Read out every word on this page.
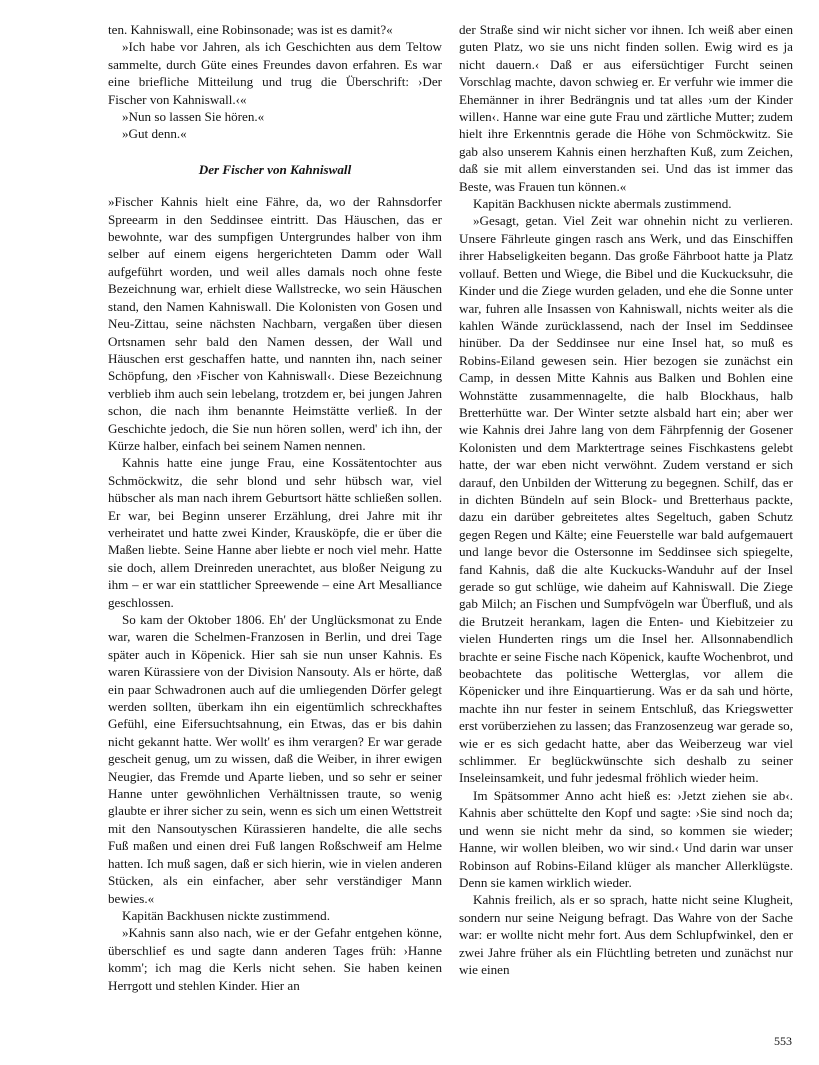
ten. Kahniswall, eine Robinsonade; was ist es damit?«

»Ich habe vor Jahren, als ich Geschichten aus dem Teltow sammelte, durch Güte eines Freundes davon erfahren. Es war eine briefliche Mitteilung und trug die Überschrift: ›Der Fischer von Kahniswall.‹«

»Nun so lassen Sie hören.«

»Gut denn.«

Der Fischer von Kahniswall

»Fischer Kahnis hielt eine Fähre, da, wo der Rahnsdorfer Spreearm in den Seddinsee eintritt. Das Häuschen, das er bewohnte, war des sumpfigen Untergrundes halber von ihm selber auf einem eigens hergerichteten Damm oder Wall aufgeführt worden, und weil alles damals noch ohne feste Bezeichnung war, erhielt diese Wallstrecke, wo sein Häuschen stand, den Namen Kahniswall. Die Kolonisten von Gosen und Neu-Zittau, seine nächsten Nachbarn, vergaßen über diesen Ortsnamen sehr bald den Namen dessen, der Wall und Häuschen erst geschaffen hatte, und nannten ihn, nach seiner Schöpfung, den ›Fischer von Kahniswall‹. Diese Bezeichnung verblieb ihm auch sein lebelang, trotzdem er, bei jungen Jahren schon, die nach ihm benannte Heimstätte verließ. In der Geschichte jedoch, die Sie nun hören sollen, werd' ich ihn, der Kürze halber, einfach bei seinem Namen nennen.

Kahnis hatte eine junge Frau, eine Kossätentochter aus Schmöckwitz, die sehr blond und sehr hübsch war, viel hübscher als man nach ihrem Geburtsort hätte schließen sollen. Er war, bei Beginn unserer Erzählung, drei Jahre mit ihr verheiratet und hatte zwei Kinder, Krausköpfe, die er über die Maßen liebte. Seine Hanne aber liebte er noch viel mehr. Hatte sie doch, allem Dreinreden unerachtet, aus bloßer Neigung zu ihm – er war ein stattlicher Spreewende – eine Art Mesalliance geschlossen.

So kam der Oktober 1806. Eh' der Unglücksmonat zu Ende war, waren die Schelmen-Franzosen in Berlin, und drei Tage später auch in Köpenick. Hier sah sie nun unser Kahnis. Es waren Kürassiere von der Division Nansouty. Als er hörte, daß ein paar Schwadronen auch auf die umliegenden Dörfer gelegt werden sollten, überkam ihn ein eigentümlich schreckhaftes Gefühl, eine Eifersuchtsahnung, ein Etwas, das er bis dahin nicht gekannt hatte. Wer wollt' es ihm verargen? Er war gerade gescheit genug, um zu wissen, daß die Weiber, in ihrer ewigen Neugier, das Fremde und Aparte lieben, und so sehr er seiner Hanne unter gewöhnlichen Verhältnissen traute, so wenig glaubte er ihrer sicher zu sein, wenn es sich um einen Wettstreit mit den Nansoutyschen Kürassieren handelte, die alle sechs Fuß maßen und einen drei Fuß langen Roßschweif am Helme hatten. Ich muß sagen, daß er sich hierin, wie in vielen anderen Stücken, als ein einfacher, aber sehr verständiger Mann bewies.«

Kapitän Backhusen nickte zustimmend.

»Kahnis sann also nach, wie er der Gefahr entgehen könne, überschlief es und sagte dann anderen Tages früh: ›Hanne komm'; ich mag die Kerls nicht sehen. Sie haben keinen Herrgott und stehlen Kinder. Hier an

der Straße sind wir nicht sicher vor ihnen. Ich weiß aber einen guten Platz, wo sie uns nicht finden sollen. Ewig wird es ja nicht dauern.‹ Daß er aus eifersüchtiger Furcht seinen Vorschlag machte, davon schwieg er. Er verfuhr wie immer die Ehemänner in ihrer Bedrängnis und tat alles ›um der Kinder willen‹. Hanne war eine gute Frau und zärtliche Mutter; zudem hielt ihre Erkenntnis gerade die Höhe von Schmöckwitz. Sie gab also unserem Kahnis einen herzhaften Kuß, zum Zeichen, daß sie mit allem einverstanden sei. Und das ist immer das Beste, was Frauen tun können.«

Kapitän Backhusen nickte abermals zustimmend.

»Gesagt, getan. Viel Zeit war ohnehin nicht zu verlieren. Unsere Fährleute gingen rasch ans Werk, und das Einschiffen ihrer Habseligkeiten begann. Das große Fährboot hatte ja Platz vollauf. Betten und Wiege, die Bibel und die Kuckucksuhr, die Kinder und die Ziege wurden geladen, und ehe die Sonne unter war, fuhren alle Insassen von Kahniswall, nichts weiter als die kahlen Wände zurücklassend, nach der Insel im Seddinsee hinüber. Da der Seddinsee nur eine Insel hat, so muß es Robins-Eiland gewesen sein. Hier bezogen sie zunächst ein Camp, in dessen Mitte Kahnis aus Balken und Bohlen eine Wohnstätte zusammennagelte, die halb Blockhaus, halb Bretterhütte war. Der Winter setzte alsbald hart ein; aber wer wie Kahnis drei Jahre lang von dem Fährpfennig der Gosener Kolonisten und dem Marktertrage seines Fischkastens gelebt hatte, der war eben nicht verwöhnt. Zudem verstand er sich darauf, den Unbilden der Witterung zu begegnen. Schilf, das er in dichten Bündeln auf sein Block- und Bretterhaus packte, dazu ein darüber gebreitetes altes Segeltuch, gaben Schutz gegen Regen und Kälte; eine Feuerstelle war bald aufgemauert und lange bevor die Ostersonne im Seddinsee sich spiegelte, fand Kahnis, daß die alte Kuckucks-Wanduhr auf der Insel gerade so gut schlüge, wie daheim auf Kahniswall. Die Ziege gab Milch; an Fischen und Sumpfvögeln war Überfluß, und als die Brutzeit herankam, lagen die Enten- und Kiebitzeier zu vielen Hunderten rings um die Insel her. Allsonnabendlich brachte er seine Fische nach Köpenick, kaufte Wochenbrot, und beobachtete das politische Wetterglas, vor allem die Köpenicker und ihre Einquartierung. Was er da sah und hörte, machte ihn nur fester in seinem Entschluß, das Kriegswetter erst vorüberziehen zu lassen; das Franzosenzeug war gerade so, wie er es sich gedacht hatte, aber das Weiberzeug war viel schlimmer. Er beglückwünschte sich deshalb zu seiner Inseleinsamkeit, und fuhr jedesmal fröhlich wieder heim.

Im Spätsommer Anno acht hieß es: ›Jetzt ziehen sie ab‹. Kahnis aber schüttelte den Kopf und sagte: ›Sie sind noch da; und wenn sie nicht mehr da sind, so kommen sie wieder; Hanne, wir wollen bleiben, wo wir sind.‹ Und darin war unser Robinson auf Robins-Eiland klüger als mancher Allerklügste. Denn sie kamen wirklich wieder.

Kahnis freilich, als er so sprach, hatte nicht seine Klugheit, sondern nur seine Neigung befragt. Das Wahre von der Sache war: er wollte nicht mehr fort. Aus dem Schlupfwinkel, den er zwei Jahre früher als ein Flüchtling betreten und zunächst nur wie einen

553
